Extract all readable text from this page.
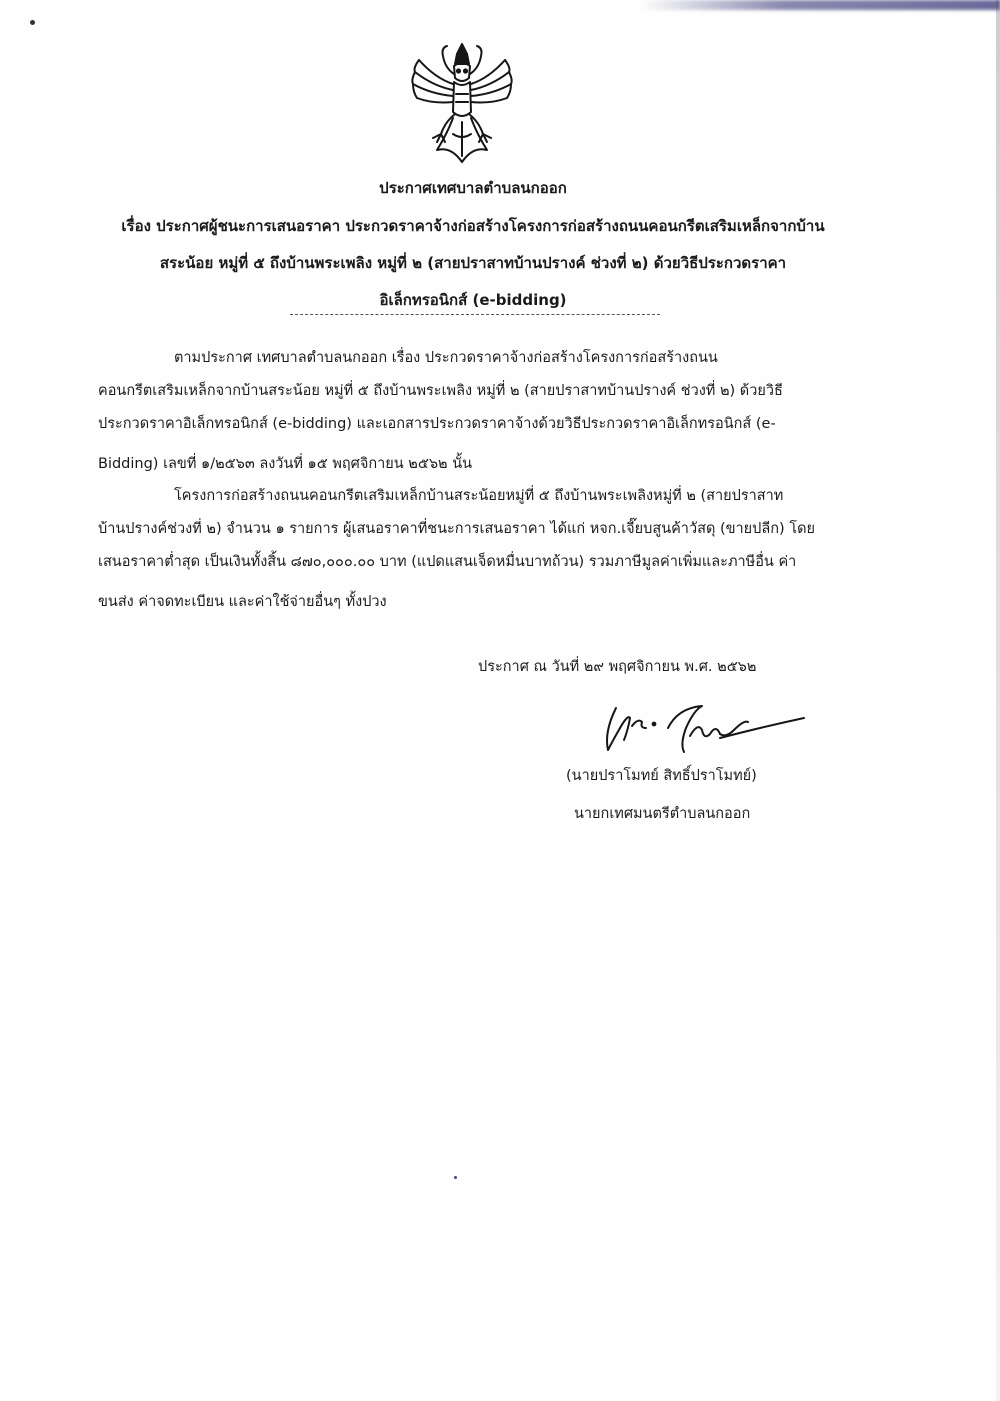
ประกาศเทศบาลตำบลนกออก
เรื่อง ประกาศผู้ชนะการเสนอราคา ประกวดราคาจ้างก่อสร้างโครงการก่อสร้างถนนคอนกรีตเสริมเหล็กจากบ้าน
สระน้อย หมู่ที่ ๕ ถึงบ้านพระเพลิง หมู่ที่ ๒ (สายปราสาทบ้านปรางค์ ช่วงที่ ๒) ด้วยวิธีประกวดราคา
อิเล็กทรอนิกส์ (e-bidding)
ตามประกาศ เทศบาลตำบลนกออก เรื่อง ประกวดราคาจ้างก่อสร้างโครงการก่อสร้างถนน
คอนกรีตเสริมเหล็กจากบ้านสระน้อย หมู่ที่ ๕ ถึงบ้านพระเพลิง หมู่ที่ ๒ (สายปราสาทบ้านปรางค์ ช่วงที่ ๒) ด้วยวิธี
ประกวดราคาอิเล็กทรอนิกส์ (e-bidding) และเอกสารประกวดราคาจ้างด้วยวิธีประกวดราคาอิเล็กทรอนิกส์ (e-
Bidding) เลขที่ ๑/๒๕๖๓ ลงวันที่ ๑๕ พฤศจิกายน ๒๕๖๒ นั้น
โครงการก่อสร้างถนนคอนกรีตเสริมเหล็กบ้านสระน้อยหมู่ที่ ๕ ถึงบ้านพระเพลิงหมู่ที่ ๒ (สายปราสาท
บ้านปรางค์ช่วงที่ ๒) จำนวน ๑ รายการ ผู้เสนอราคาที่ชนะการเสนอราคา ได้แก่ หจก.เจี๊ยบสูนค้าวัสดุ (ขายปลีก) โดย
เสนอราคาต่ำสุด เป็นเงินทั้งสิ้น ๘๗๐,๐๐๐.๐๐ บาท (แปดแสนเจ็ดหมื่นบาทถ้วน) รวมภาษีมูลค่าเพิ่มและภาษีอื่น ค่า
ขนส่ง ค่าจดทะเบียน และค่าใช้จ่ายอื่นๆ ทั้งปวง
ประกาศ ณ วันที่ ๒๙ พฤศจิกายน พ.ศ. ๒๕๖๒
(นายปราโมทย์ สิทธิ์ปราโมทย์)
นายกเทศมนตรีตำบลนกออก
